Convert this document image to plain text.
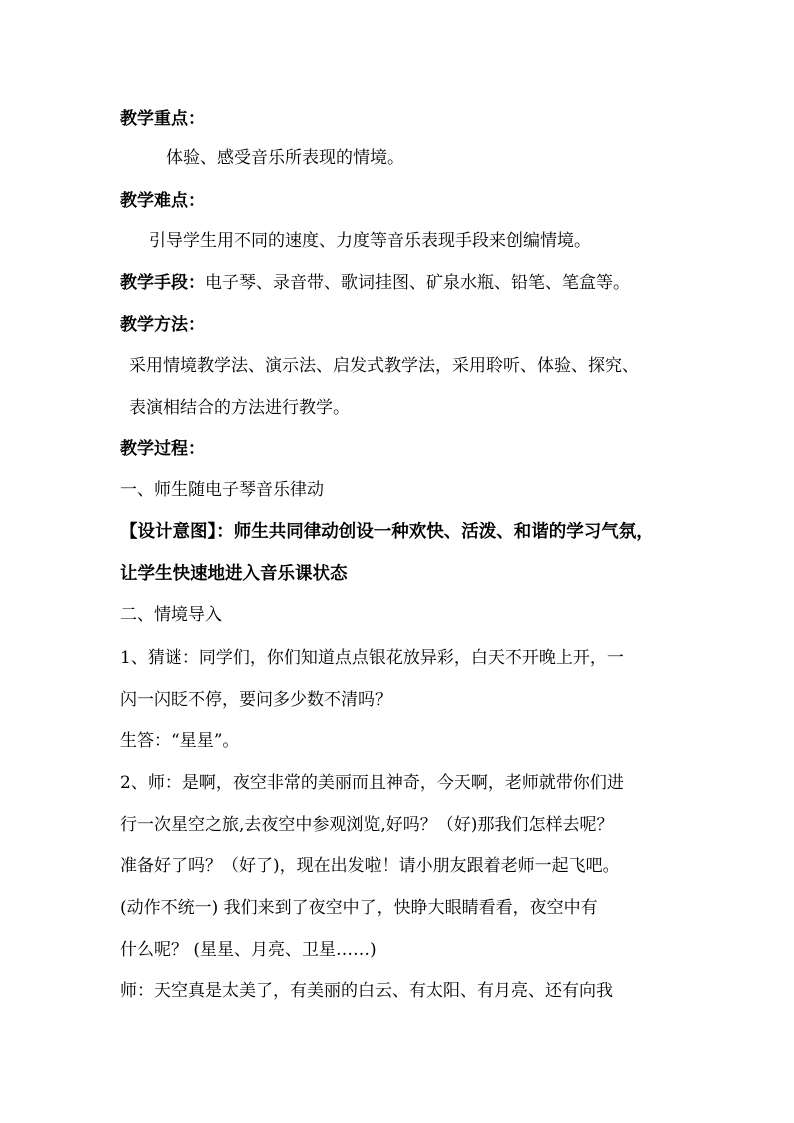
教学重点：
体验、感受音乐所表现的情境。
教学难点：
引导学生用不同的速度、力度等音乐表现手段来创编情境。
教学手段：电子琴、录音带、歌词挂图、矿泉水瓶、铅笔、笔盒等。
教学方法：
采用情境教学法、演示法、启发式教学法，采用聆听、体验、探究、
表演相结合的方法进行教学。
教学过程：
一、师生随电子琴音乐律动
【设计意图】：师生共同律动创设一种欢快、活泼、和谐的学习气氛，
让学生快速地进入音乐课状态
二、情境导入
1、猜谜：同学们，你们知道点点银花放异彩，白天不开晚上开，一
闪一闪眨不停，要问多少数不清吗？
生答：“星星”。
2、师：是啊，夜空非常的美丽而且神奇，今天啊，老师就带你们进
行一次星空之旅,去夜空中参观浏览,好吗？（好)那我们怎样去呢？
准备好了吗？（好了)，现在出发啦！请小朋友跟着老师一起飞吧。
(动作不统一) 我们来到了夜空中了，快睁大眼睛看看，夜空中有
什么呢？ (星星、月亮、卫星……)
师：天空真是太美了，有美丽的白云、有太阳、有月亮、还有向我
